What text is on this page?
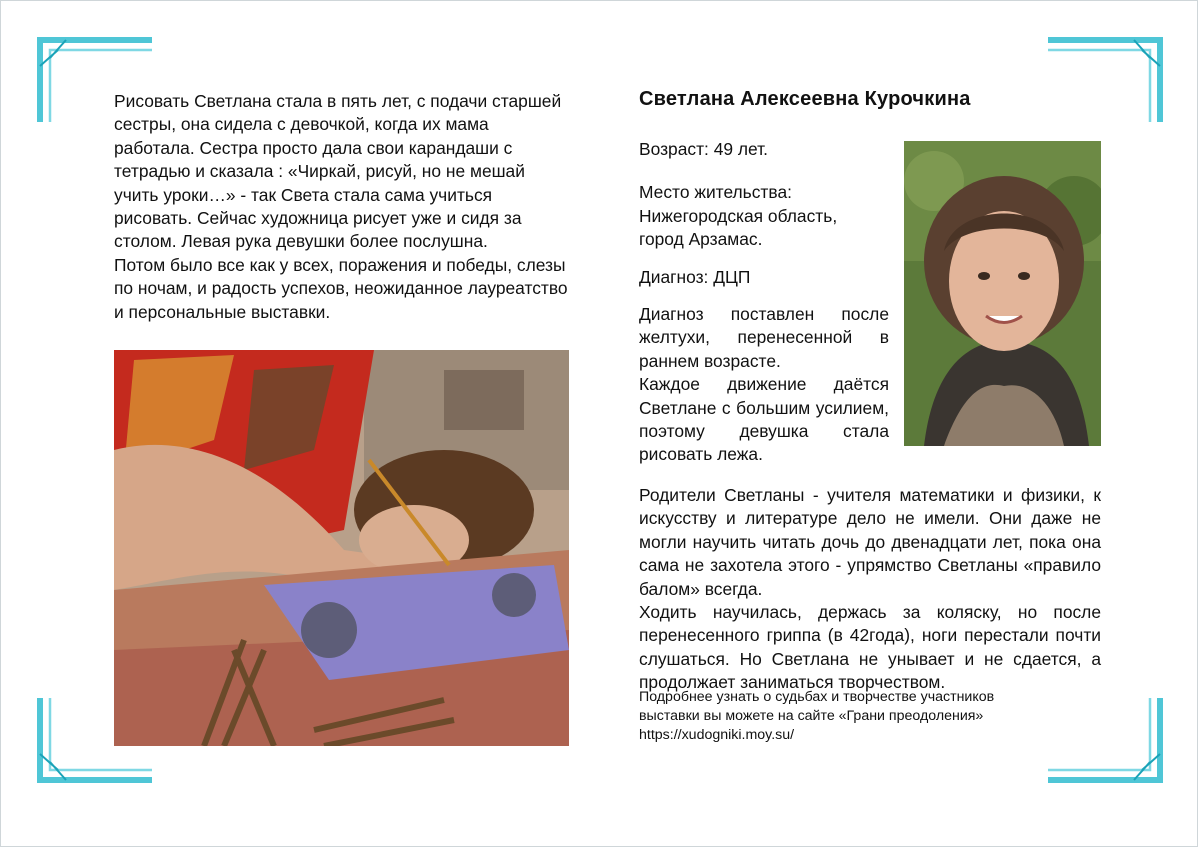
Рисовать Светлана стала в пять лет, с подачи старшей сестры, она сидела с девочкой, когда их мама работала. Сестра просто дала свои карандаши с тетрадью и сказала : «Чиркай, рисуй, но не мешай учить уроки…» - так Света стала сама учиться рисовать. Сейчас художница рисует уже и сидя за столом. Левая рука девушки более послушна.

Потом было все как у всех, поражения и победы, слезы по ночам, и радость успехов, неожиданное лауреатство и персональные выставки.

Светлана Алексеевна Курочкина

Возраст: 49 лет.

Место жительства:

Нижегородская область,

город Арзамас.

Диагноз: ДЦП

Диагноз поставлен после желтухи, перенесенной в раннем возрасте.

Каждое движение даётся Светлане с большим усилием, поэтому девушка стала рисовать лежа.

Родители Светланы - учителя математики и физики, к искусству и литературе дело не имели. Они даже не могли научить читать дочь до двенадцати лет, пока она сама не захотела этого - упрямство Светланы «правило балом» всегда.

Ходить научилась, держась за коляску, но после перенесенного гриппа (в 42года), ноги перестали почти слушаться. Но Светлана не унывает и не сдается, а продолжает заниматься творчеством.

Подробнее узнать о судьбах и творчестве участников

выставки вы можете на сайте «Грани преодоления»

https://xudogniki.moy.su/
